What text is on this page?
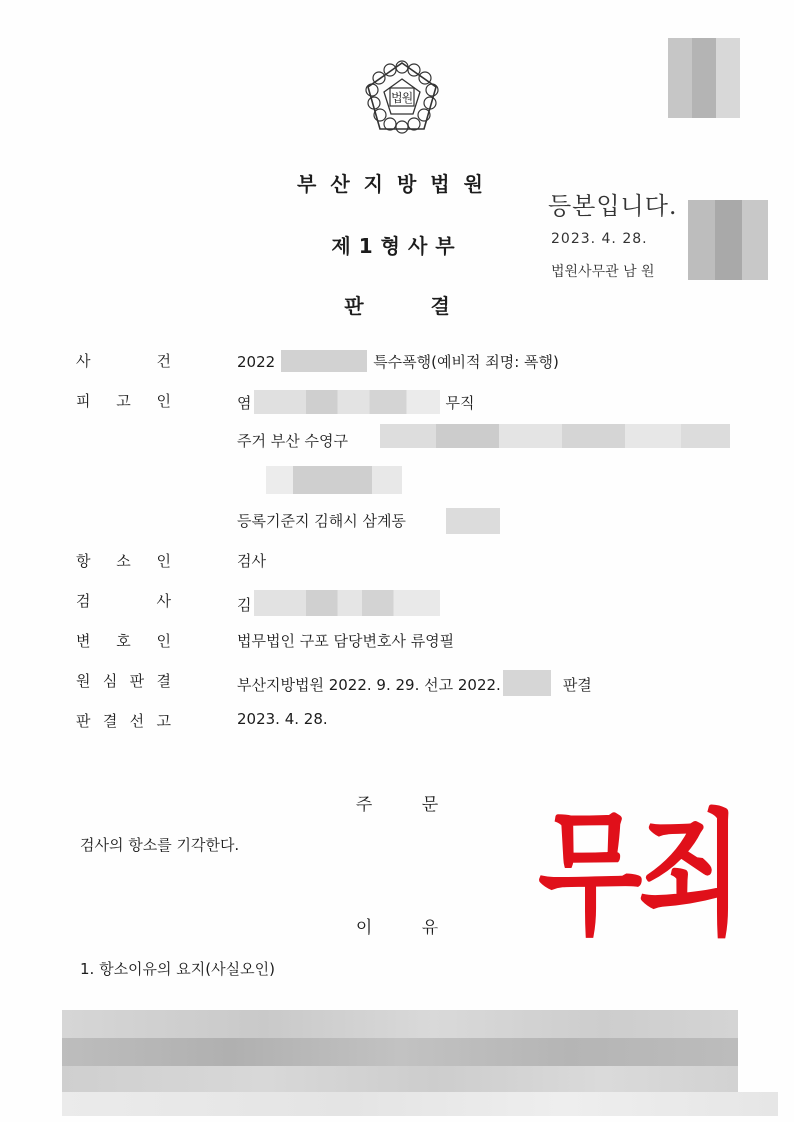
법원
부산지방법원
제1형사부
판 결
등본입니다.
2023. 4. 28.
법원사무관 남 원
사	건	2022	특수폭행(예비적 죄명: 폭행)
피 고 인	염	무직
주거 부산 수영구
등록기준지 김해시 삼계동
항 소 인	검사
검	사	김
변 호 인	법무법인 구포 담당변호사 류영필
원 심 판 결	부산지방법원 2022. 9. 29. 선고 2022.	판결
판 결 선 고	2023. 4. 28.
주 문
검사의 항소를 기각한다.	무죄
이 유
1. 항소이유의 요지(사실오인)
